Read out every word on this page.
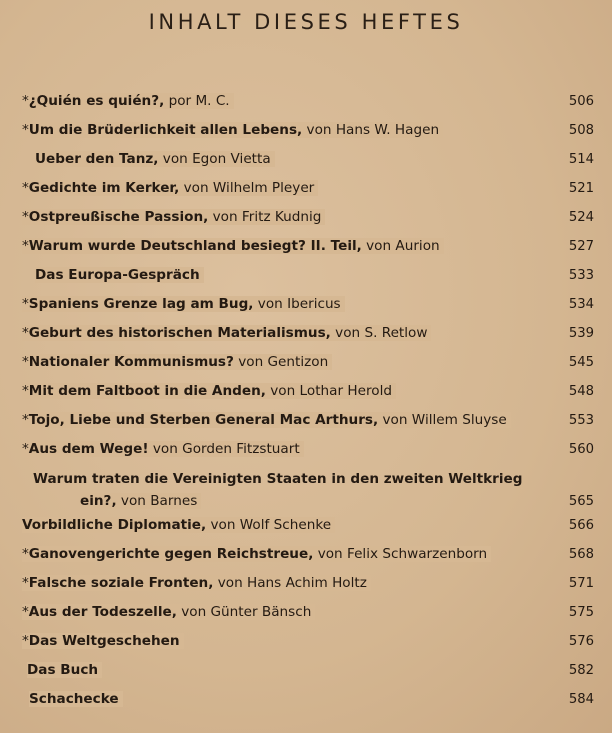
INHALT DIESES HEFTES
*¿Quién es quién?, por M. C.	506
*Um die Brüderlichkeit allen Lebens, von Hans W. Hagen	508
Ueber den Tanz, von Egon Vietta	514
*Gedichte im Kerker, von Wilhelm Pleyer	521
*Ostpreußische Passion, von Fritz Kudnig	524
*Warum wurde Deutschland besiegt? II. Teil, von Aurion	527
Das Europa-Gespräch	533
*Spaniens Grenze lag am Bug, von Ibericus	534
*Geburt des historischen Materialismus, von S. Retlow	539
*Nationaler Kommunismus? von Gentizon	545
*Mit dem Faltboot in die Anden, von Lothar Herold	548
*Tojo, Liebe und Sterben General Mac Arthurs, von Willem Sluyse	553
*Aus dem Wege! von Gorden Fitzstuart	560
Warum traten die Vereinigten Staaten in den zweiten Weltkrieg
ein?, von Barnes	565
Vorbildliche Diplomatie, von Wolf Schenke	566
*Ganovengerichte gegen Reichstreue, von Felix Schwarzenborn	568
*Falsche soziale Fronten, von Hans Achim Holtz	571
*Aus der Todeszelle, von Günter Bänsch	575
*Das Weltgeschehen	576
Das Buch	582
Schachecke	584
